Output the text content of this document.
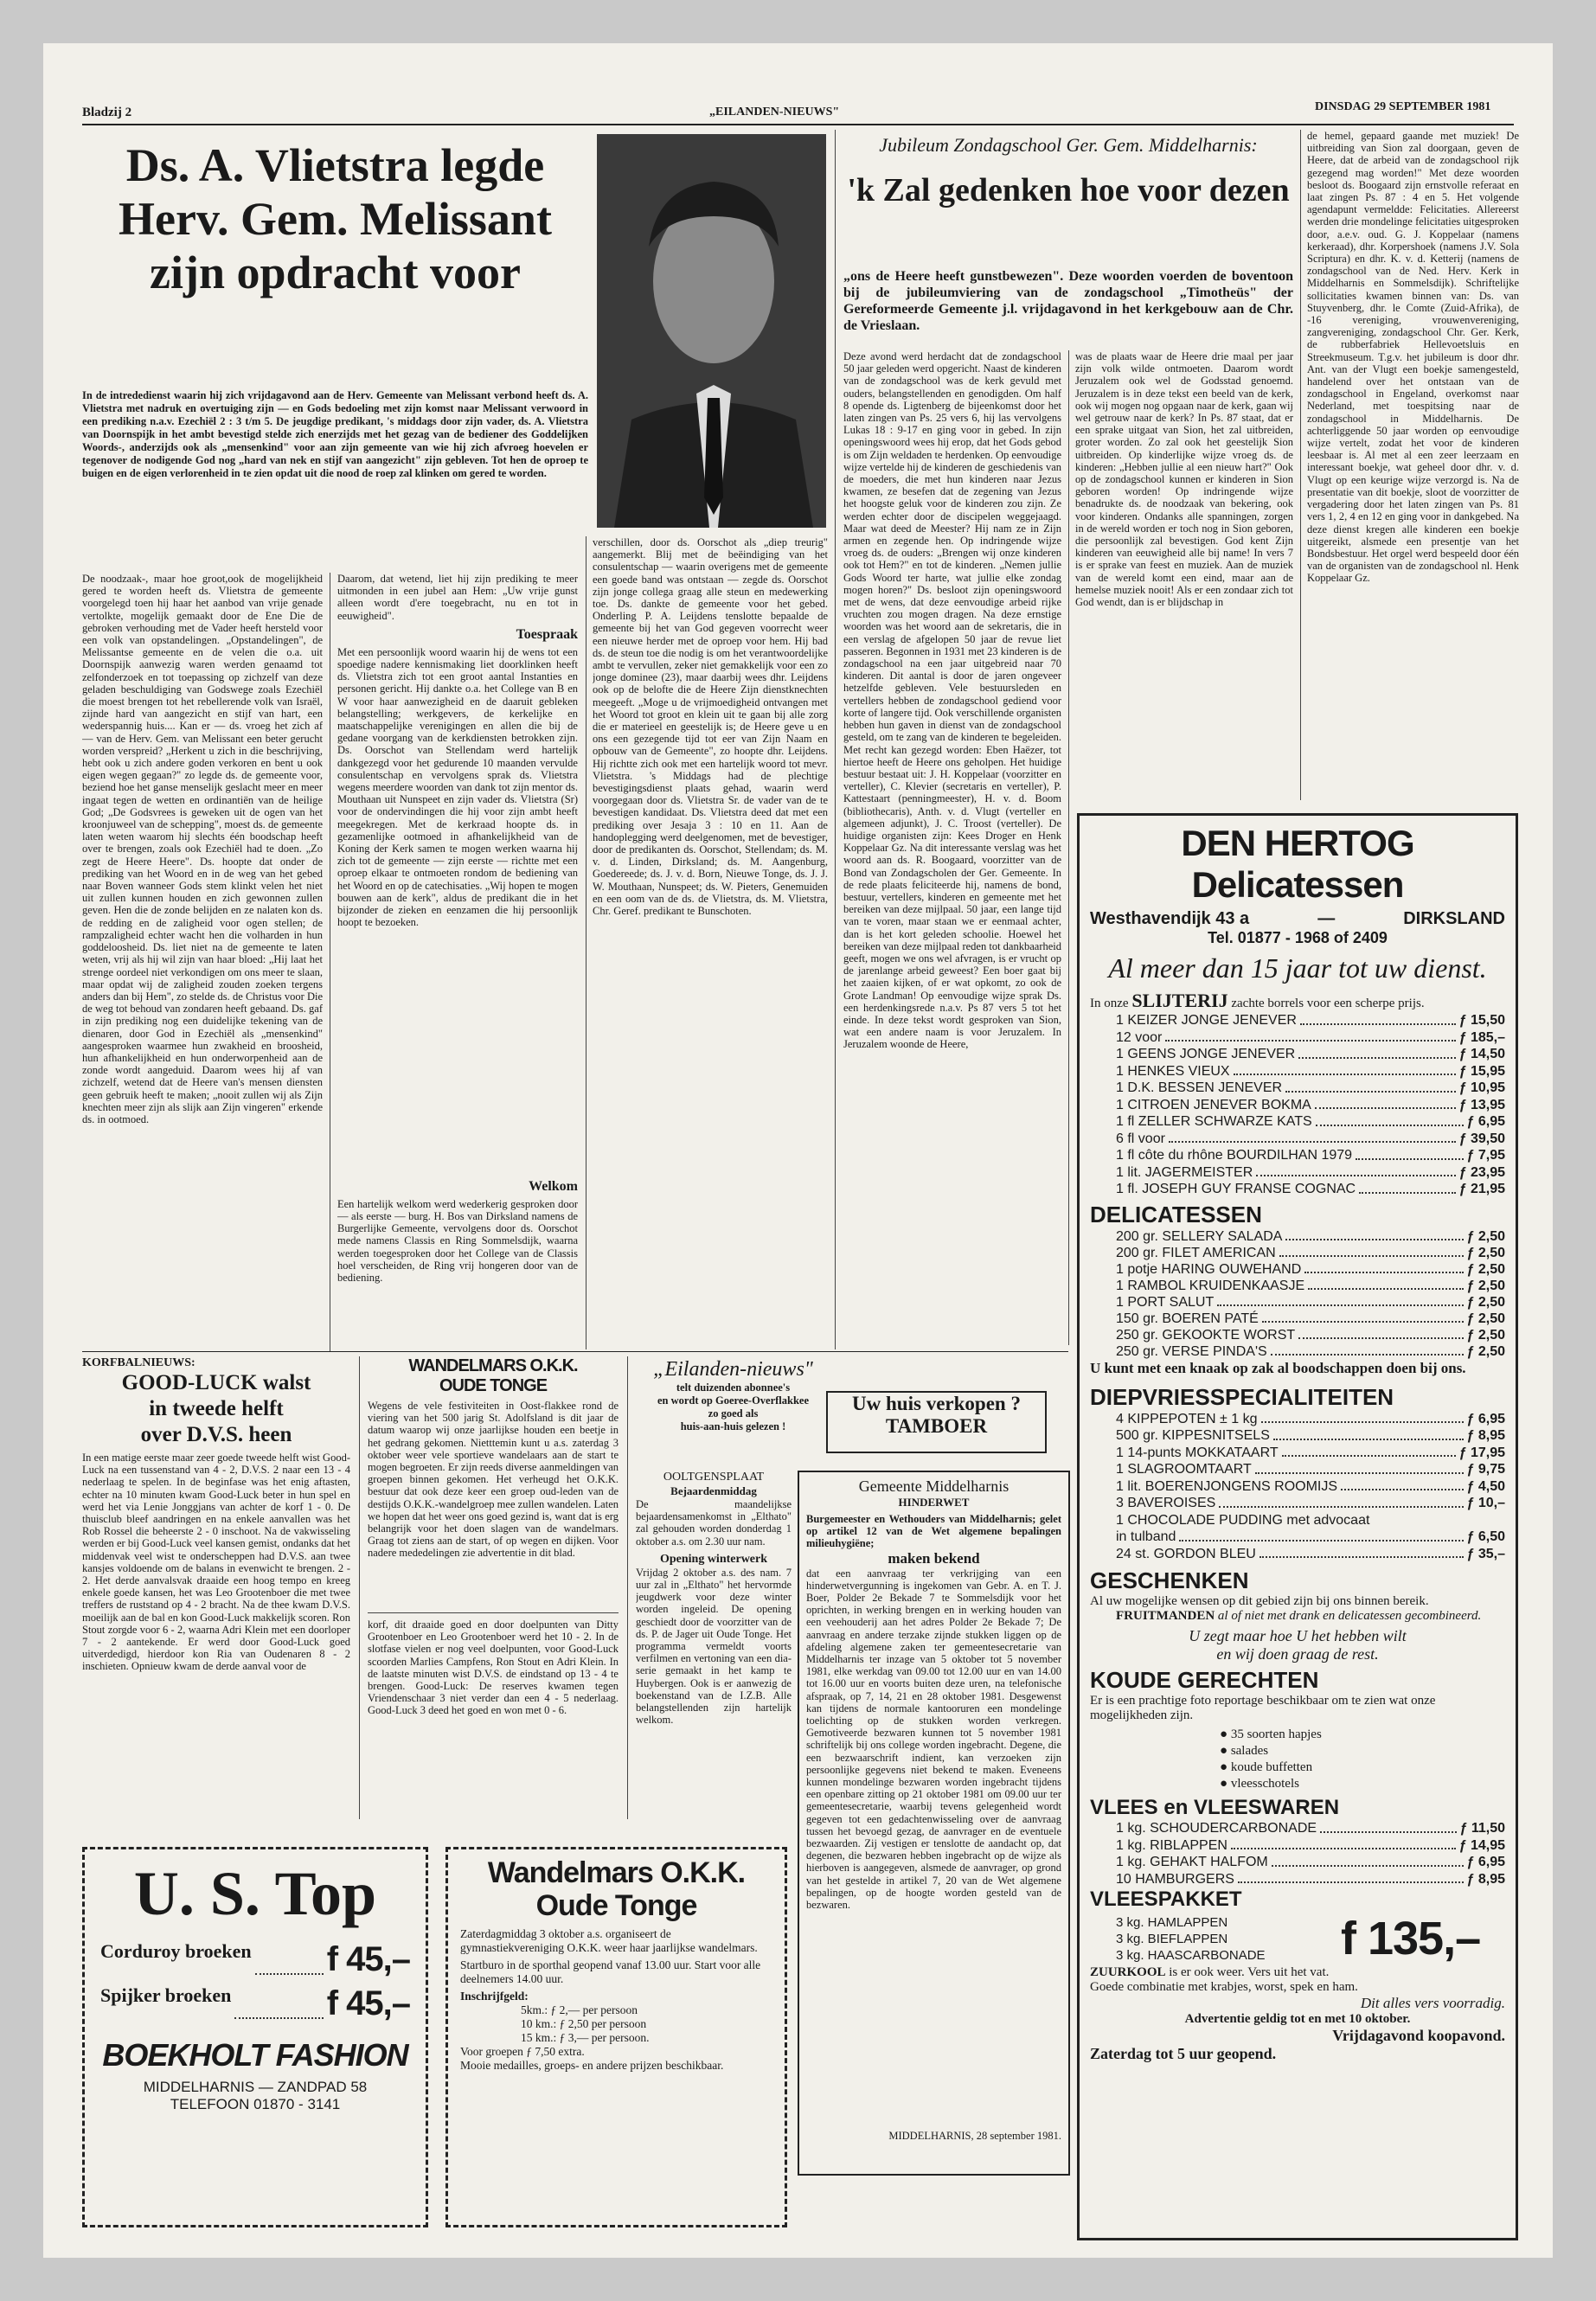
Bladzij 2	„EILANDEN-NIEUWS"	DINSDAG 29 SEPTEMBER 1981
Ds. A. Vlietstra legde Herv. Gem. Melissant zijn opdracht voor
In de intrededienst waarin hij zich vrijdagavond aan de Herv. Gemeente van Melissant verbond heeft ds. A. Vlietstra met nadruk en overtuiging zijn — en Gods bedoeling met zijn komst naar Melissant verwoord in een prediking n.a.v. Ezechiël 2 : 3 t/m 5. De jeugdige predikant, 's middags door zijn vader, ds. A. Vlietstra van Doornspijk in het ambt bevestigd stelde zich enerzijds met het gezag van de bediener des Goddelijken Woords-, anderzijds ook als „mensenkind" voor aan zijn gemeente van wie hij zich afvroeg hoevelen er tegenover de nodigende God nog „hard van nek en stijf van aangezicht" zijn gebleven. Tot hen de oproep te buigen en de eigen verlorenheid in te zien opdat uit die nood de roep zal klinken om gered te worden.
De noodzaak-, maar hoe groot,ook de mogelijkheid gered te worden heeft ds. Vlietstra de gemeente voorgelegd toen hij haar het aanbod van vrije genade vertolkte, mogelijk gemaakt door de Ene Die de gebroken verhouding met de Vader heeft hersteld voor een volk van opstandelingen. „Opstandelingen", de Melissantse gemeente en de velen die o.a. uit Doornspijk aanwezig waren werden genaamd tot zelfonderzoek en tot toepassing op zichzelf van deze geladen beschuldiging van Godswege zoals Ezechiël die moest brengen tot het rebellerende volk van Israël, zijnde hard van aangezicht en stijf van hart, een wederspannig huis.... Kan er — ds. vroeg het zich af — van de Herv. Gem. van Melissant een beter gerucht worden verspreid? „Herkent u zich in die beschrijving, hebt ook u zich andere goden verkoren en bent u ook eigen wegen gegaan?" zo legde ds. de gemeente voor, beziend hoe het ganse menselijk geslacht meer en meer ingaat tegen de wetten en ordinantiën van de heilige God; „De Godsvrees is geweken uit de ogen van het kroonjuweel van de schepping", moest ds. de gemeente laten weten waarom hij slechts één boodschap heeft over te brengen, zoals ook Ezechiël had te doen. „Zo zegt de Heere Heere". Ds. hoopte dat onder de prediking van het Woord en in de weg van het gebed naar Boven wanneer Gods stem klinkt velen het niet uit zullen kunnen houden en zich gewonnen zullen geven. Hen die de zonde belijden en ze nalaten kon ds. de redding en de zaligheid voor ogen stellen; de rampzaligheid echter wacht hen die volharden in hun goddeloosheid. Ds. liet niet na de gemeente te laten weten, vrij als hij wil zijn van haar bloed: „Hij laat het strenge oordeel niet verkondigen om ons meer te slaan, maar opdat wij de zaligheid zouden zoeken tergens anders dan bij Hem", zo stelde ds. de Christus voor Die de weg tot behoud van zondaren heeft gebaand. Ds. gaf in zijn prediking nog een duidelijke tekening van de dienaren, door God in Ezechiël als „mensenkind" aangesproken waarmee hun zwakheid en broosheid, hun afhankelijkheid en hun onderworpenheid aan de zonde wordt aangeduid. Daarom wees hij af van zichzelf, wetend dat de Heere van's mensen diensten geen gebruik heeft te maken; „nooit zullen wij als Zijn knechten meer zijn als slijk aan Zijn vingeren" erkende ds. in ootmoed.
Daarom, dat wetend, liet hij zijn prediking te meer uitmonden in een jubel aan Hem: „Uw vrije gunst alleen wordt d'ere toegebracht, nu en tot in eeuwigheid".
Toespraak
Met een persoonlijk woord waarin hij de wens tot een spoedige nadere kennismaking liet doorklinken heeft ds. Vlietstra zich tot een groot aantal Instanties en personen gericht. Hij dankte o.a. het College van B en W voor haar aanwezigheid en de daaruit gebleken belangstelling; werkgevers, de kerkelijke en maatschappelijke verenigingen en allen die bij de gedane voorgang van de kerkdiensten betrokken zijn. Ds. Oorschot van Stellendam werd hartelijk dankgezegd voor het gedurende 10 maanden vervulde consulentschap en vervolgens sprak ds. Vlietstra wegens meerdere woorden van dank tot zijn mentor ds. Mouthaan uit Nunspeet en zijn vader ds. Vlietstra (Sr) voor de ondervindingen die hij voor zijn ambt heeft meegekregen. Met de kerkraad hoopte ds. in gezamenlijke ootmoed in afhankelijkheid van de Koning der Kerk samen te mogen werken waarna hij zich tot de gemeente — zijn eerste — richtte met een oproep elkaar te ontmoeten rondom de bediening van het Woord en op de catechisaties. „Wij hopen te mogen bouwen aan de kerk", aldus de predikant die in het bijzonder de zieken en eenzamen die hij persoonlijk hoopt te bezoeken.
Welkom
Een hartelijk welkom werd wederkerig gesproken door — als eerste — burg. H. Bos van Dirksland namens de Burgerlijke Gemeente, vervolgens door ds. Oorschot mede namens Classis en Ring Sommelsdijk, waarna werden toegesproken door het College van de Classis hoel verscheiden, de Ring vrij hongeren door van de bediening.
verschillen, door ds. Oorschot als „diep treurig" aangemerkt. Blij met de beëindiging van het consulentschap — waarin overigens met de gemeente een goede band was ontstaan — zegde ds. Oorschot zijn jonge collega graag alle steun en medewerking toe. Ds. dankte de gemeente voor het gebed. Onderling P. A. Leijdens tenslotte bepaalde de gemeente bij het van God gegeven voorrecht weer een nieuwe herder met de oproep voor hem. Hij bad ds. de steun toe die nodig is om het verantwoordelijke ambt te vervullen, zeker niet gemakkelijk voor een zo jonge dominee (23), maar daarbij wees dhr. Leijdens ook op de beloftе die de Heere Zijn dienstknechten meegeeft. „Moge u de vrijmoedigheid ontvangen met het Woord tot groot en klein uit te gaan bij alle zorg die er materieel en geestelijk is; de Heere geve u en ons een gezegende tijd tot eer van Zijn Naam en opbouw van de Gemeente", zo hoopte dhr. Leijdens. Hij richtte zich ook met een hartelijk woord tot mevr. Vlietstra. 's Middags had de plechtige bevestigingsdienst plaats gehad, waarin werd voorgegaan door ds. Vlietstra Sr. de vader van de te bevestigen kandidaat. Ds. Vlietstra deed dat met een prediking over Jesaja 3 : 10 en 11. Aan de handoplegging werd deelgenomen, met de bevestiger, door de predikanten ds. Oorschot, Stellendam; ds. M. v. d. Linden, Dirksland; ds. M. Aangenburg, Goedereede; ds. J. v. d. Born, Nieuwe Tonge, ds. J. J. W. Mouthaan, Nunspeet; ds. W. Pieters, Genemuiden en een oom van de ds. de Vlietstra, ds. M. Vlietstra, Chr. Geref. predikant te Bunschoten.
Jubileum Zondagschool Ger. Gem. Middelharnis:
'k Zal gedenken hoe voor dezen
„ons de Heere heeft gunstbewezen". Deze woorden voerden de boventoon bij de jubileumviering van de zondagschool „Timotheüs" der Gereformeerde Gemeente j.l. vrijdagavond in het kerkgebouw aan de Chr. de Vrieslaan.
Deze avond werd herdacht dat de zondagschool 50 jaar geleden werd opgericht. Naast de kinderen van de zondagschool was de kerk gevuld met ouders, belangstellenden en genodigden. Om half 8 opende ds. Ligtenberg de bijeenkomst door het laten zingen van Ps. 25 vers 6, hij las vervolgens Lukas 18 : 9-17 en ging voor in gebed. In zijn openingswoord wees hij erop, dat het Gods gebod is om Zijn weldaden te herdenken. Op eenvoudige wijze vertelde hij de kinderen de geschiedenis van de moeders, die met hun kinderen naar Jezus kwamen, ze besefen dat de zegening van Jezus het hoogste geluk voor de kinderen zou zijn. Ze werden echter door de discipelen weggejaagd. Maar wat deed de Meester? Hij nam ze in Zijn armen en zegende hen. Op indringende wijze vroeg ds. de ouders: „Brengen wij onze kinderen ook tot Hem?" en tot de kinderen. „Nemen jullie Gods Woord ter harte, wat jullie elke zondag mogen horen?" Ds. besloot zijn openingswoord met de wens, dat deze eenvoudige arbeid rijke vruchten zou mogen dragen. Na deze ernstige woorden was het woord aan de sekretaris, die in een verslag de afgelopen 50 jaar de revue liet passeren. Begonnen in 1931 met 23 kinderen is de zondagschool na een jaar uitgebreid naar 70 kinderen. Dit aantal is door de jaren ongeveer hetzelfde gebleven. Vele bestuursleden en vertellers hebben de zondagschool gediend voor korte of langere tijd. Ook verschillende organisten hebben hun gaven in dienst van de zondagschool gesteld, om te zang van de kinderen te begeleiden. Met recht kan gezegd worden: Eben Haëzer, tot hiertoe heeft de Heere ons geholpen. Het huidige bestuur bestaat uit: J. H. Koppelaar (voorzitter en verteller), C. Klevier (secretaris en verteller), P. Kattestaart (penningmeester), H. v. d. Boom (bibliothecaris), Anth. v. d. Vlugt (verteller en algemeen adjunkt), J. C. Troost (verteller). De huidige organisten zijn: Kees Droger en Henk Koppelaar Gz. Na dit interessante verslag was het woord aan ds. R. Boogaard, voorzitter van de Bond van Zondagscholen der Ger. Gemeente. In de rede plaats feliciteerde hij, namens de bond, bestuur, vertellers, kinderen en gemeente met het bereiken van deze mijlpaal. 50 jaar, een lange tijd van te voren, maar staan we er eenmaal achter, dan is het kort geleden schoolie. Hoewel het bereiken van deze mijlpaal reden tot dankbaarheid geeft, mogen we ons wel afvragen, is er vrucht op de jarenlange arbeid geweest? Een boer gaat bij het zaaien kijken, of er wat opkomt, zo ook de Grote Landman! Op eenvoudige wijze sprak Ds. een herdenkingsrede n.a.v. Ps 87 vers 5 tot het einde. In deze tekst wordt gesproken van Sion, wat een andere naam is voor Jeruzalem. In Jeruzalem woonde de Heere,
was de plaats waar de Heere drie maal per jaar zijn volk wilde ontmoeten. Daarom wordt Jeruzalem ook wel de Godsstad genoemd. Jeruzalem is in deze tekst een beeld van de kerk, ook wij mogen nog opgaan naar de kerk, gaan wij wel getrouw naar de kerk? In Ps. 87 staat, dat er een sprake uitgaat van Sion, het zal uitbreiden, groter worden. Zo zal ook het geestelijk Sion uitbreiden. Op kinderlijke wijze vroeg ds. de kinderen: „Hebben jullie al een nieuw hart?" Ook op de zondagschool kunnen er kinderen in Sion geboren worden! Op indringende wijze benadrukte ds. de noodzaak van bekering, ook voor kinderen. Ondanks alle spanningen, zorgen in de wereld worden er toch nog in Sion geboren, die persoonlijk zal bevestigen. God kent Zijn kinderen van eeuwigheid alle bij name! In vers 7 is er sprake van feest en muziek. Aan de muziek van de wereld komt een eind, maar aan de hemelse muziek nooit! Als er een zondaar zich tot God wendt, dan is er blijdschap in
de hemel, gepaard gaande met muziek! De uitbreiding van Sion zal doorgaan, geven de Heere, dat de arbeid van de zondagschool rijk gezegend mag worden!" Met deze woorden besloot ds. Boogaard zijn ernstvolle referaat en laat zingen Ps. 87 : 4 en 5. Het volgende agendapunt vermeldde: Felicitaties. Allereerst werden drie mondelinge felicitaties uitgesproken door, a.e.v. oud. G. J. Koppelaar (namens kerkeraad), dhr. Korpershoek (namens J.V. Sola Scriptura) en dhr. K. v. d. Ketterij (namens de zondagschool van de Ned. Herv. Kerk in Middelharnis en Sommelsdijk). Schriftelijke sollicitaties kwamen binnen van: Ds. van Stuyvenberg, dhr. le Comte (Zuid-Afrika), de -16 vereniging, vrouwenvereniging, zangvereniging, zondagschool Chr. Ger. Kerk, de rubberfabriek Hellevoetsluis en Streekmuseum. T.g.v. het jubileum is door dhr. Ant. van der Vlugt een boekje samengesteld, handelend over het ontstaan van de zondagschool in Engeland, overkomst naar Nederland, met toespitsing naar de zondagschool in Middelharnis. De achterliggende 50 jaar worden op eenvoudige wijze vertelt, zodat het voor de kinderen leesbaar is. Al met al een zeer leerzaam en interessant boekje, wat geheel door dhr. v. d. Vlugt op een keurige wijze verzorgd is. Na de presentatie van dit boekje, sloot de voorzitter de vergadering door het laten zingen van Ps. 81 vers 1, 2, 4 en 12 en ging voor in dankgebed. Na deze dienst kregen alle kinderen een boekje uitgereikt, alsmede een presentje van het Bondsbestuur. Het orgel werd bespeeld door één van de organisten van de zondagschool nl. Henk Koppelaar Gz.
DEN HERTOG Delicatessen
Westhavendijk 43 a	—	DIRKSLAND
Tel. 01877 - 1968 of 2409
Al meer dan 15 jaar tot uw dienst.
In onze SLIJTERIJ zachte borrels voor een scherpe prijs.
1 KEIZER JONGE JENEVER	ƒ 15,50
12 voor	ƒ 185,–
1 GEENS JONGE JENEVER	ƒ 14,50
1 HENKES VIEUX	ƒ 15,95
1 D.K. BESSEN JENEVER	ƒ 10,95
1 CITROEN JENEVER BOKMA	ƒ 13,95
1 fl ZELLER SCHWARZE KATS	ƒ 6,95
6 fl voor	ƒ 39,50
1 fl côte du rhône BOURDILHAN 1979	ƒ 7,95
1 lit. JAGERMEISTER	ƒ 23,95
1 fl. JOSEPH GUY FRANSE COGNAC	ƒ 21,95
DELICATESSEN
200 gr. SELLERY SALADA	ƒ 2,50
200 gr. FILET AMERICAN	ƒ 2,50
1 potje HARING OUWEHAND	ƒ 2,50
1 RAMBOL KRUIDENKAASJE	ƒ 2,50
1 PORT SALUT	ƒ 2,50
150 gr. BOEREN PATÉ	ƒ 2,50
250 gr. GEKOOKTE WORST	ƒ 2,50
250 gr. VERSE PINDA'S	ƒ 2,50
U kunt met een knaak op zak al boodschappen doen bij ons.
DIEPVRIESSPECIALITEITEN
4 KIPPEPOTEN ± 1 kg	ƒ 6,95
500 gr. KIPPESNITSELS	ƒ 8,95
1 14-punts MOKKATAART	ƒ 17,95
1 SLAGROOMTAART	ƒ 9,75
1 lit. BOERENJONGENS ROOMIJS	ƒ 4,50
3 BAVEROISES	ƒ 10,–
1 CHOCOLADE PUDDING met advocaat
in tulband	ƒ 6,50
24 st. GORDON BLEU	ƒ 35,–
GESCHENKEN
Al uw mogelijke wensen op dit gebied zijn bij ons binnen bereik.
FRUITMANDEN al of niet met drank en delicatessen gecombineerd.
U zegt maar hoe U het hebben wilt
en wij doen graag de rest.
KOUDE GERECHTEN
Er is een prachtige foto reportage beschikbaar om te zien wat onze mogelijkheden zijn.
● 35 soorten hapjes
● salades
● koude buffetten
● vleesschotels
VLEES en VLEESWAREN
1 kg. SCHOUDERCARBONADE	ƒ 11,50
1 kg. RIBLAPPEN	ƒ 14,95
1 kg. GEHAKT HALFOM	ƒ 6,95
10 HAMBURGERS	ƒ 8,95
VLEESPAKKET
3 kg. HAMLAPPEN
3 kg. BIEFLAPPEN
3 kg. HAASCARBONADE	f 135,–
ZUURKOOL is er ook weer. Vers uit het vat.
Goede combinatie met krabjes, worst, spek en ham.
Dit alles vers voorradig.
Advertentie geldig tot en met 10 oktober.
Vrijdagavond koopavond.
Zaterdag tot 5 uur geopend.
KORFBALNIEUWS:
GOOD-LUCK walst
in tweede helft
over D.V.S. heen
In een matige eerste maar zeer goede tweede helft wist Good-Luck na een tussenstand van 4 - 2, D.V.S. 2 naar een 13 - 4 nederlaag te spelen. In de beginfase was het enig aftasten, echter na 10 minuten kwam Good-Luck beter in hun spel en werd het via Lenie Jonggjans van achter de korf 1 - 0. De thuisclub bleef aandringen en na enkele aanvallen was het Rob Rossel die beheerste 2 - 0 inschoot. Na de vakwisseling werden er bij Good-Luck veel kansen gemist, ondanks dat het middenvak veel wist te onderscheppen had D.V.S. aan twee kansjes voldoende om de balans in evenwicht te brengen. 2 - 2. Het derde aanvalsvak draaide een hoog tempo en kreeg enkele goede kansen, het was Leo Grootenboer die met twee treffers de ruststand op 4 - 2 bracht. Na de thee kwam D.V.S. moeilijk aan de bal en kon Good-Luck makkelijk scoren. Ron Stout zorgde voor 6 - 2, waarna Adri Klein met een doorloper 7 - 2 aantekende. Er werd door Good-Luck goed uitverdedigd, hierdoor kon Ria van Oudenaren 8 - 2 inschieten. Opnieuw kwam de derde aanval voor de
WANDELMARS O.K.K.
OUDE TONGE
Wegens de vele festiviteiten in Oost-flakkee rond de viering van het 500 jarig St. Adolfsland is dit jaar de datum waarop wij onze jaarlijkse houden een beetje in het gedrang gekomen. Nietttemin kunt u a.s. zaterdag 3 oktober weer vele sportieve wandelaars aan de start te mogen begroeten. Er zijn reeds diverse aanmeldingen van groepen binnen gekomen. Het verheugd het O.K.K. bestuur dat ook deze keer een groep oud-leden van de destijds O.K.K.-wandelgroep mee zullen wandelen. Laten we hopen dat het weer ons goed gezind is, want dat is erg belangrijk voor het doen slagen van de wandelmars. Graag tot ziens aan de start, of op wegen en dijken. Voor nadere mededelingen zie advertentie in dit blad.
korf, dit draaide goed en door doelpunten van Ditty Grootenboer en Leo Grootenboer werd het 10 - 2. In de slotfase vielen er nog veel doelpunten, voor Good-Luck scoorden Marlies Campfens, Ron Stout en Adri Klein. In de laatste minuten wist D.V.S. de eindstand op 13 - 4 te brengen. Good-Luck: De reserves kwamen tegen Vriendenschaar 3 niet verder dan een 4 - 5 nederlaag. Good-Luck 3 deed het goed en won met 0 - 6.
„Eilanden-nieuws"
telt duizenden abonnee's
en wordt op Goeree-Overflakkee
zo goed als
huis-aan-huis gelezen !
Uw huis verkopen ?
TAMBOER
OOLTGENSPLAAT
Bejaardenmiddag
De maandelijkse bejaardensamenkomst in „Elthato" zal gehouden worden donderdag 1 oktober a.s. om 2.30 uur nam.
Opening winterwerk
Vrijdag 2 oktober a.s. des nam. 7 uur zal in „Elthato" het hervormde jeugdwerk voor deze winter worden ingeleid. De opening geschiedt door de voorzitter van de ds. P. de Jager uit Oude Tonge. Het programma vermeldt voorts verfilmen en vertoning van een dia-serie gemaakt in het kamp te Huybergen. Ook is er aanwezig de boekenstand van de I.Z.B. Alle belangstellenden zijn hartelijk welkom.
Gemeente Middelharnis
HINDERWET
Burgemeester en Wethouders van Middelharnis; gelet op artikel 12 van de Wet algemene bepalingen milieuhygiëne;
maken bekend
dat een aanvraag ter verkrijging van een hinderwetvergunning is ingekomen van Gebr. A. en T. J. Boer, Polder 2e Bekade 7 te Sommelsdijk voor het oprichten, in werking brengen en in werking houden van een veehouderij aan het adres Polder 2e Bekade 7; De aanvraag en andere terzake zijnde stukken liggen op de afdeling algemene zaken ter gemeentesecretarie van Middelharnis ter inzage van 5 oktober tot 5 november 1981, elke werkdag van 09.00 tot 12.00 uur en van 14.00 tot 16.00 uur en voorts buiten deze uren, na telefonische afspraak, op 7, 14, 21 en 28 oktober 1981. Desgewenst kan tijdens de normale kantooruren een mondelinge toelichting op de stukken worden verkregen. Gemotiveerde bezwaren kunnen tot 5 november 1981 schriftelijk bij ons college worden ingebracht. Degene, die een bezwaarschrift indient, kan verzoeken zijn persoonlijke gegevens niet bekend te maken. Eveneens kunnen mondelinge bezwaren worden ingebracht tijdens een openbare zitting op 21 oktober 1981 om 09.00 uur ter gemeentesecretarie, waarbij tevens gelegenheid wordt gegeven tot een gedachtenwisseling over de aanvraag tussen het bevoegd gezag, de aanvrager en de eventuele bezwaarden. Zij vestigen er tenslotte de aandacht op, dat degenen, die bezwaren hebben ingebracht op de wijze als hierboven is aangegeven, alsmede de aanvrager, op grond van het gestelde in artikel 7, 20 van de Wet algemene bepalingen, op de hoogte worden gesteld van de bezwaren.
MIDDELHARNIS, 28 september 1981.
U. S. Top
Corduroy broeken f 45,–
Spijker broeken	f 45,–
BOEKHOLT FASHION
MIDDELHARNIS — ZANDPAD 58
TELEFOON 01870 - 3141
Wandelmars O.K.K.
Oude Tonge
Zaterdagmiddag 3 oktober a.s. organiseert de gymnastiekvereniging O.K.K. weer haar jaarlijkse wandelmars.
Startburo in de sporthal geopend vanaf 13.00 uur. Start voor alle deelnemers 14.00 uur.
Inschrijfgeld:
5km.: ƒ 2,— per persoon
10 km.: ƒ 2,50 per persoon
15 km.: ƒ 3,— per persoon.
Voor groepen ƒ 7,50 extra.
Mooie medailles, groeps- en andere prijzen beschikbaar.
